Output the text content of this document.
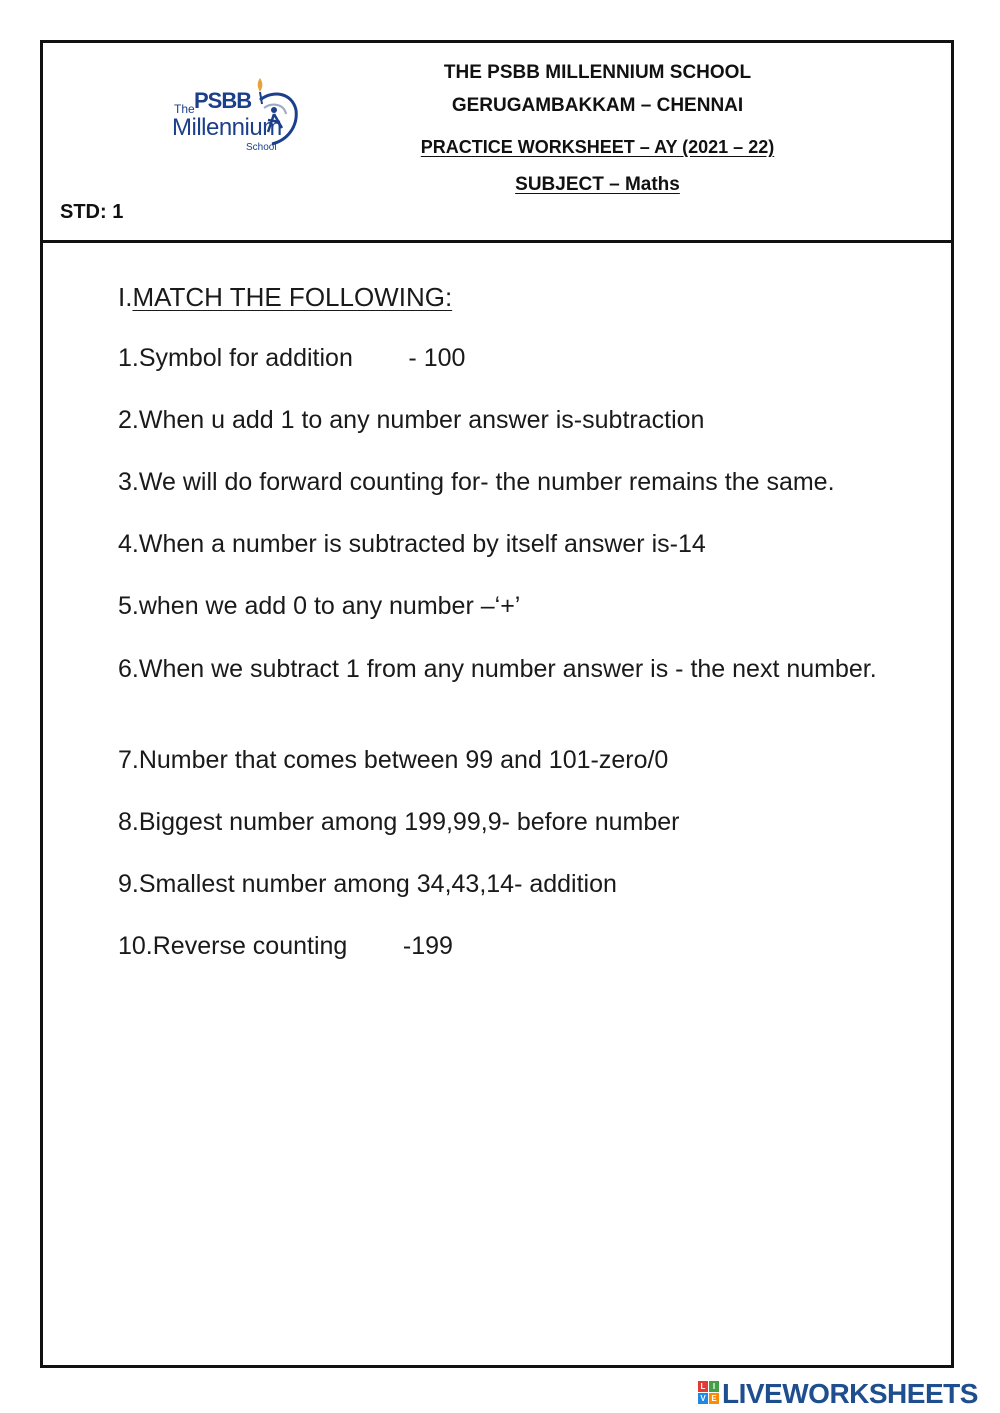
The PSBB
Millennium
School
THE PSBB MILLENNIUM SCHOOL
GERUGAMBAKKAM – CHENNAI
PRACTICE WORKSHEET – AY (2021 – 22)
SUBJECT – Maths
STD: 1
I.MATCH THE FOLLOWING:
1.Symbol for addition        - 100
2.When u add 1 to any number answer is-subtraction
3.We will do forward counting for- the number remains the same.
4.When a number is subtracted by itself answer is-14
5.when we add 0 to any number –‘+’
6.When we subtract 1 from any number answer is - the next number.
7.Number that comes between 99 and 101-zero/0
8.Biggest number among 199,99,9- before number
9.Smallest number among 34,43,14- addition
10.Reverse counting        -199
L I
V E LIVEWORKSHEETS
